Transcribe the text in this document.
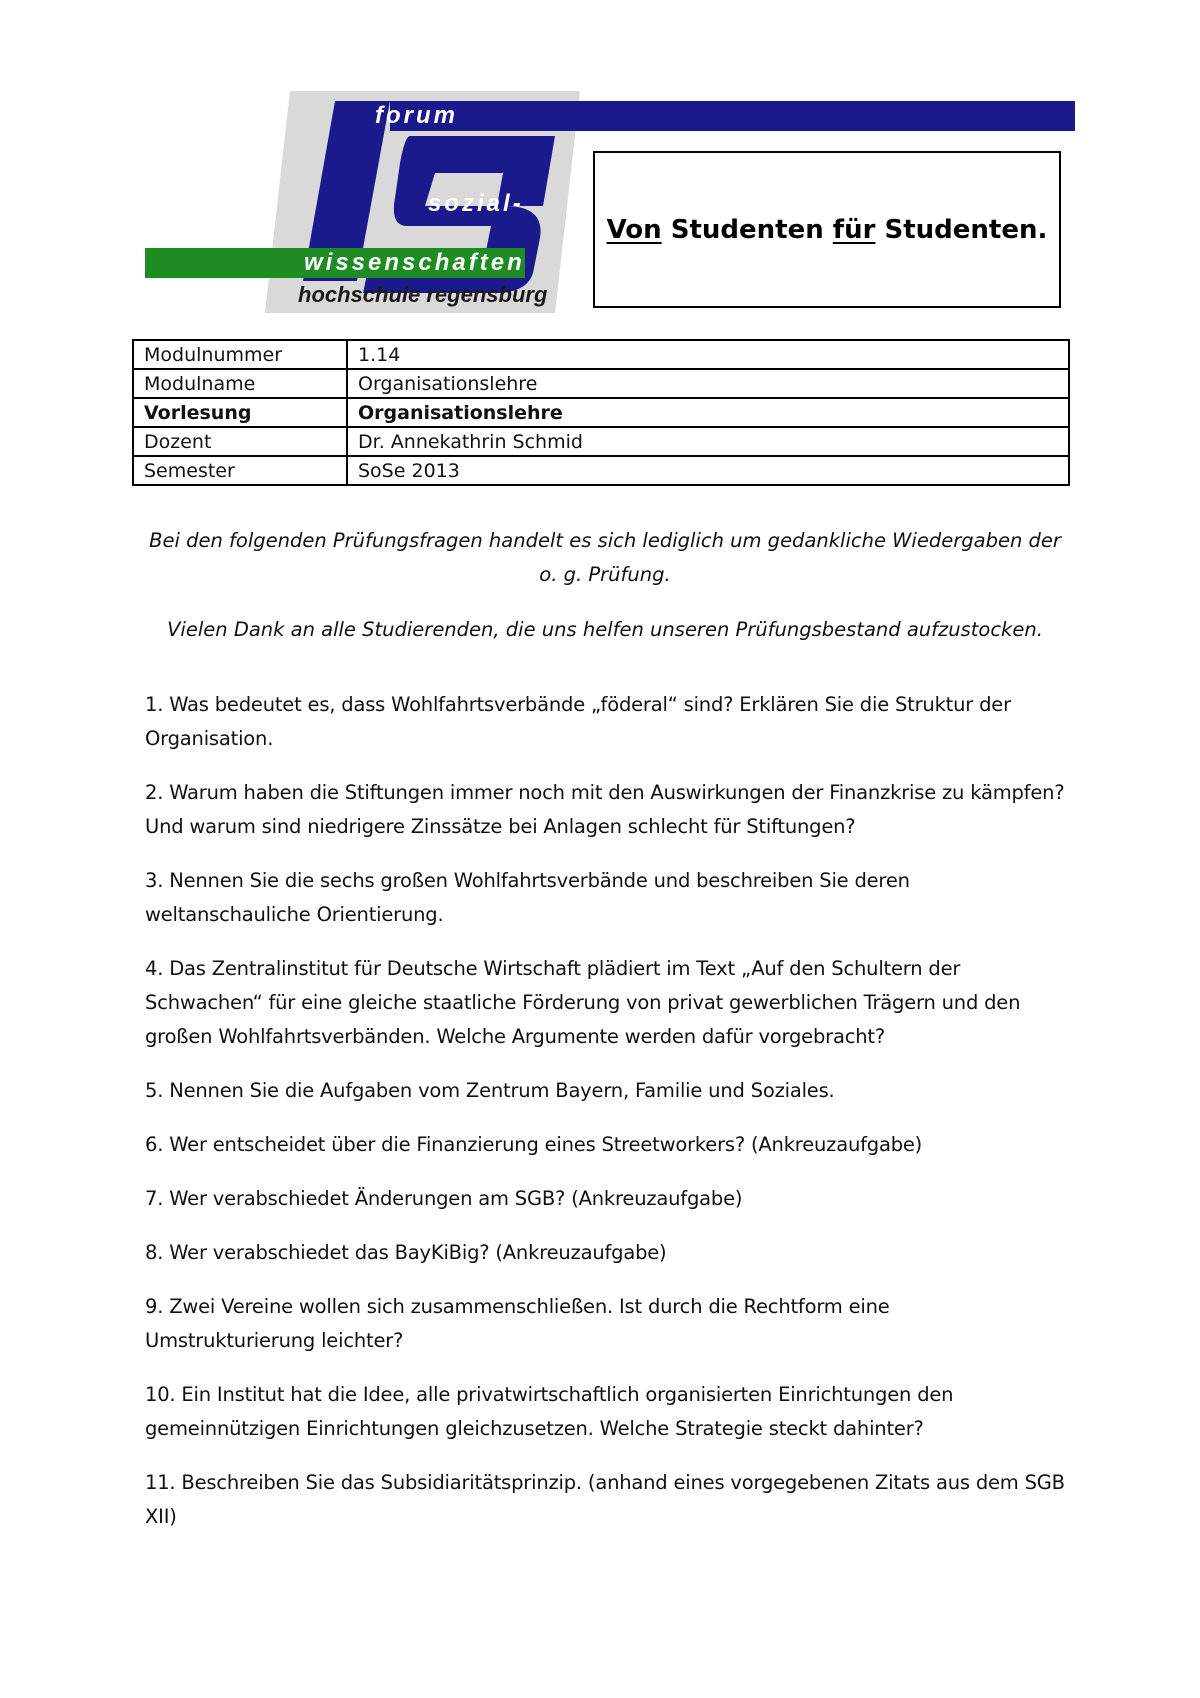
forum
sozial-
wissenschaften
hochschule regensburg
Von Studenten für Studenten.
Modulnummer	1.14
Modulname	Organisationslehre
Vorlesung	Organisationslehre
Dozent	Dr. Annekathrin Schmid
Semester	SoSe 2013
Bei den folgenden Prüfungsfragen handelt es sich lediglich um gedankliche Wiedergaben der o. g. Prüfung.
Vielen Dank an alle Studierenden, die uns helfen unseren Prüfungsbestand aufzustocken.

1. Was bedeutet es, dass Wohlfahrtsverbände „föderal“ sind? Erklären Sie die Struktur der Organisation.

2. Warum haben die Stiftungen immer noch mit den Auswirkungen der Finanzkrise zu kämpfen? Und warum sind niedrigere Zinssätze bei Anlagen schlecht für Stiftungen?

3. Nennen Sie die sechs großen Wohlfahrtsverbände und beschreiben Sie deren weltanschauliche Orientierung.

4. Das Zentralinstitut für Deutsche Wirtschaft plädiert im Text „Auf den Schultern der Schwachen“ für eine gleiche staatliche Förderung von privat gewerblichen Trägern und den großen Wohlfahrtsverbänden. Welche Argumente werden dafür vorgebracht?

5. Nennen Sie die Aufgaben vom Zentrum Bayern, Familie und Soziales.

6. Wer entscheidet über die Finanzierung eines Streetworkers? (Ankreuzaufgabe)

7. Wer verabschiedet Änderungen am SGB? (Ankreuzaufgabe)

8. Wer verabschiedet das BayKiBig? (Ankreuzaufgabe)

9. Zwei Vereine wollen sich zusammenschließen. Ist durch die Rechtform eine Umstrukturierung leichter?

10. Ein Institut hat die Idee, alle privatwirtschaftlich organisierten Einrichtungen den gemeinnützigen Einrichtungen gleichzusetzen. Welche Strategie steckt dahinter?

11. Beschreiben Sie das Subsidiaritätsprinzip. (anhand eines vorgegebenen Zitats aus dem SGB XII)
